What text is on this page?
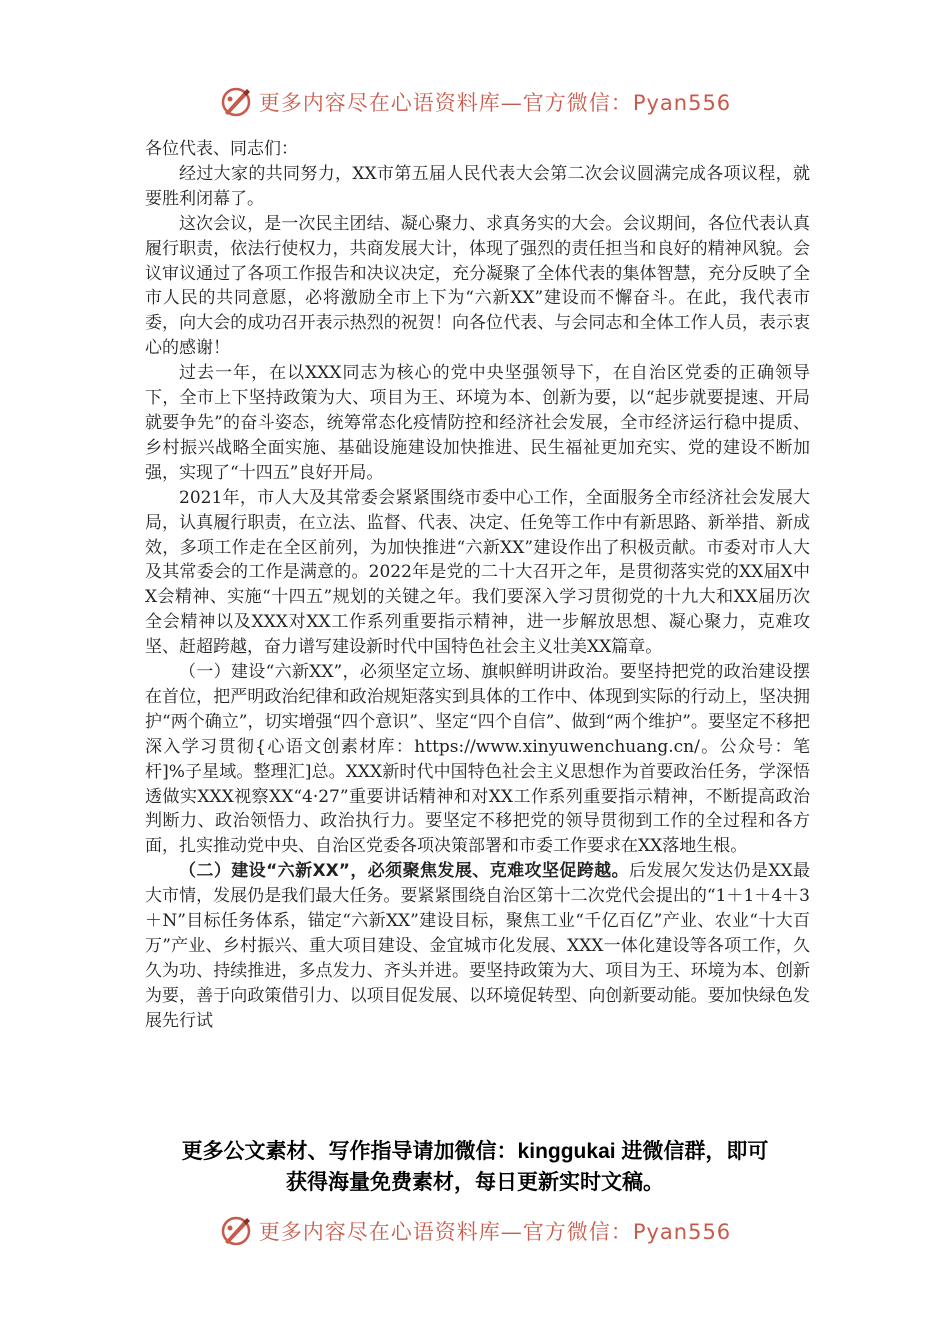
更多内容尽在心语资料库—官方微信：Pyan556

各位代表、同志们：

经过大家的共同努力，XX市第五届人民代表大会第二次会议圆满完成各项议程，就要胜利闭幕了。

这次会议，是一次民主团结、凝心聚力、求真务实的大会。会议期间，各位代表认真履行职责，依法行使权力，共商发展大计，体现了强烈的责任担当和良好的精神风貌。会议审议通过了各项工作报告和决议决定，充分凝聚了全体代表的集体智慧，充分反映了全市人民的共同意愿，必将激励全市上下为“六新XX”建设而不懈奋斗。在此，我代表市委，向大会的成功召开表示热烈的祝贺！向各位代表、与会同志和全体工作人员，表示衷心的感谢！

过去一年，在以XXX同志为核心的党中央坚强领导下，在自治区党委的正确领导下，全市上下坚持政策为大、项目为王、环境为本、创新为要，以“起步就要提速、开局就要争先”的奋斗姿态，统筹常态化疫情防控和经济社会发展，全市经济运行稳中提质、乡村振兴战略全面实施、基础设施建设加快推进、民生福祉更加充实、党的建设不断加强，实现了“十四五”良好开局。

2021年，市人大及其常委会紧紧围绕市委中心工作，全面服务全市经济社会发展大局，认真履行职责，在立法、监督、代表、决定、任免等工作中有新思路、新举措、新成效，多项工作走在全区前列，为加快推进“六新XX”建设作出了积极贡献。市委对市人大及其常委会的工作是满意的。2022年是党的二十大召开之年，是贯彻落实党的XX届X中X会精神、实施“十四五”规划的关键之年。我们要深入学习贯彻党的十九大和XX届历次全会精神以及XXX对XX工作系列重要指示精神，进一步解放思想、凝心聚力，克难攻坚、赶超跨越，奋力谱写建设新时代中国特色社会主义壮美XX篇章。

（一）建设“六新XX”，必须坚定立场、旗帜鲜明讲政治。要坚持把党的政治建设摆在首位，把严明政治纪律和政治规矩落实到具体的工作中、体现到实际的行动上，坚决拥护“两个确立”，切实增强“四个意识”、坚定“四个自信”、做到“两个维护”。要坚定不移把深入学习贯彻{心语文创素材库：https://www.xinyuwenchuang.cn/。公众号：笔杆]%子星域。整理汇]总。XXX新时代中国特色社会主义思想作为首要政治任务，学深悟透做实XXX视察XX“4·27”重要讲话精神和对XX工作系列重要指示精神，不断提高政治判断力、政治领悟力、政治执行力。要坚定不移把党的领导贯彻到工作的全过程和各方面，扎实推动党中央、自治区党委各项决策部署和市委工作要求在XX落地生根。

（二）建设“六新XX”，必须聚焦发展、克难攻坚促跨越。后发展欠发达仍是XX最大市情，发展仍是我们最大任务。要紧紧围绕自治区第十二次党代会提出的“1＋1＋4＋3＋N”目标任务体系，锚定“六新XX”建设目标，聚焦工业“千亿百亿”产业、农业“十大百万”产业、乡村振兴、重大项目建设、金宜城市化发展、XXX一体化建设等各项工作，久久为功、持续推进，多点发力、齐头并进。要坚持政策为大、项目为王、环境为本、创新为要，善于向政策借引力、以项目促发展、以环境促转型、向创新要动能。要加快绿色发展先行试

更多公文素材、写作指导请加微信：kinggukai 进微信群，即可
获得海量免费素材，每日更新实时文稿。
更多内容尽在心语资料库—官方微信：Pyan556
